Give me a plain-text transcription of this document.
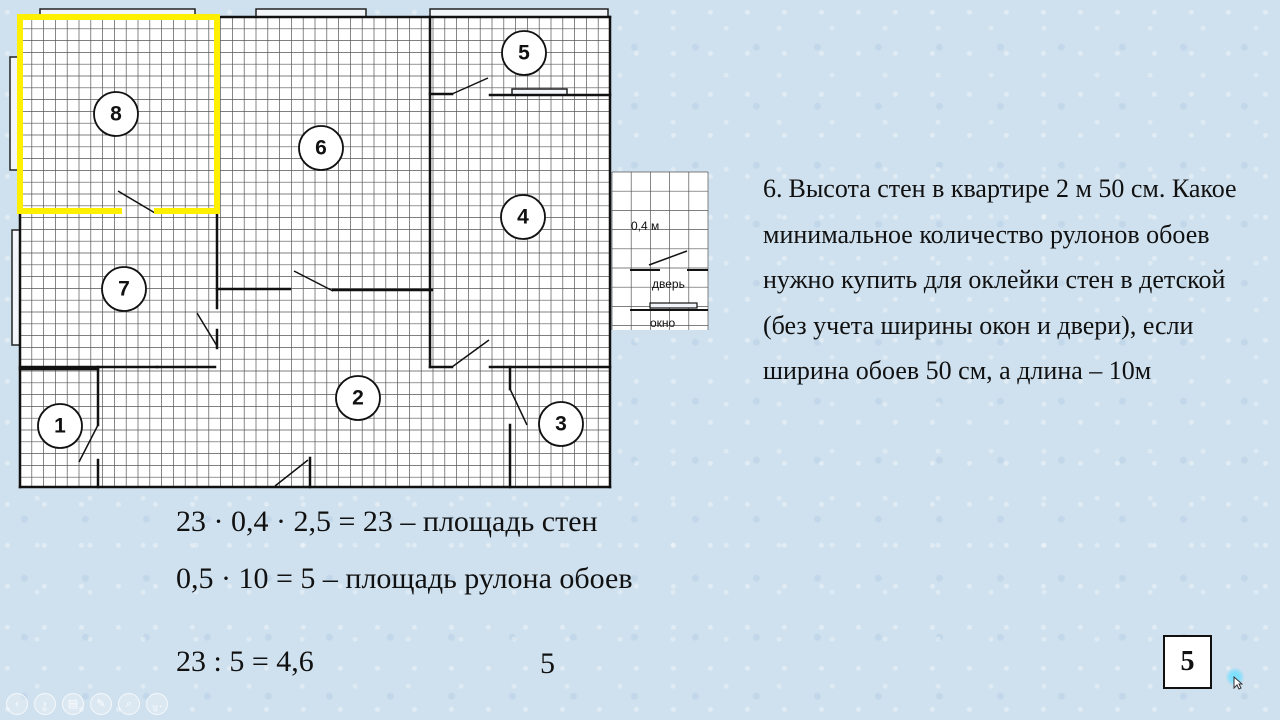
0,4 м
дверь
окно
1
2
3
4
5
6
7
8
6. Высота стен в квартире 2 м 50 см. Какое минимальное количество рулонов обоев нужно купить для оклейки стен в детской (без учета ширины окон и двери), если ширина обоев 50 см, а длина – 10м
23 · 0,4 · 2,5 = 23 – площадь стен
0,5 · 10 = 5 – площадь рулона обоев
23 : 5 = 4,6	5	5
‹	›	▤	✎	⌕	…
